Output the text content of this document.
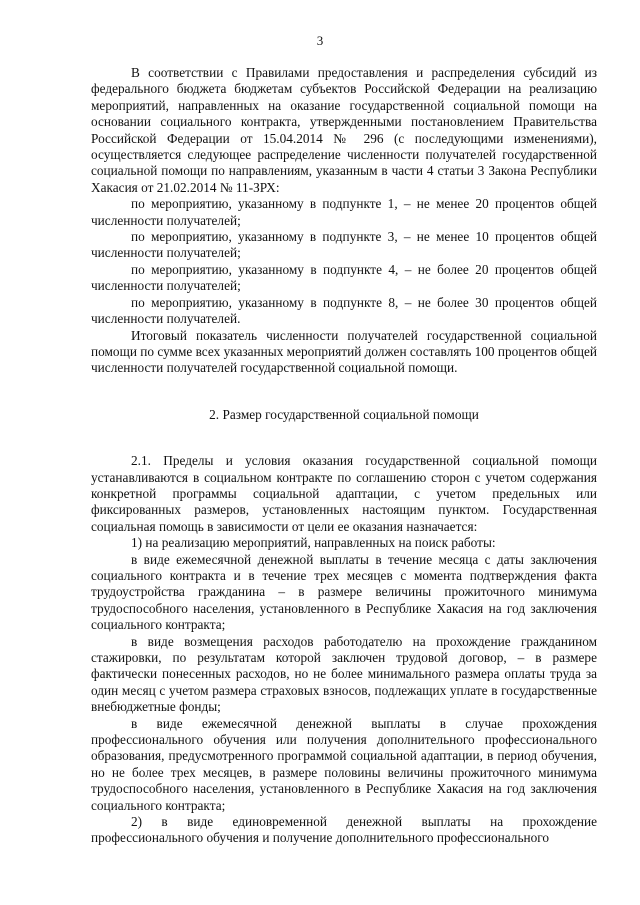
3

В соответствии с Правилами предоставления и распределения субсидий из федерального бюджета бюджетам субъектов Российской Федерации на реализацию мероприятий, направленных на оказание государственной социальной помощи на основании социального контракта, утвержденными постановлением Правительства Российской Федерации от 15.04.2014 № 296 (с последующими изменениями), осуществляется следующее распределение численности получателей государственной социальной помощи по направлениям, указанным в части 4 статьи 3 Закона Республики Хакасия от 21.02.2014 № 11-ЗРХ:

по мероприятию, указанному в подпункте 1, – не менее 20 процентов общей численности получателей;

по мероприятию, указанному в подпункте 3, – не менее 10 процентов общей численности получателей;

по мероприятию, указанному в подпункте 4, – не более 20 процентов общей численности получателей;

по мероприятию, указанному в подпункте 8, – не более 30 процентов общей численности получателей.

Итоговый показатель численности получателей государственной социальной помощи по сумме всех указанных мероприятий должен составлять 100 процентов общей численности получателей государственной социальной помощи.

2. Размер государственной социальной помощи

2.1. Пределы и условия оказания государственной социальной помощи устанавливаются в социальном контракте по соглашению сторон с учетом содержания конкретной программы социальной адаптации, с учетом предельных или фиксированных размеров, установленных настоящим пунктом. Государственная социальная помощь в зависимости от цели ее оказания назначается:

1) на реализацию мероприятий, направленных на поиск работы:

в виде ежемесячной денежной выплаты в течение месяца с даты заключения социального контракта и в течение трех месяцев с момента подтверждения факта трудоустройства гражданина – в размере величины прожиточного минимума трудоспособного населения, установленного в Республике Хакасия на год заключения социального контракта;

в виде возмещения расходов работодателю на прохождение гражданином стажировки, по результатам которой заключен трудовой договор, – в размере фактически понесенных расходов, но не более минимального размера оплаты труда за один месяц с учетом размера страховых взносов, подлежащих уплате в государственные внебюджетные фонды;

в виде ежемесячной денежной выплаты в случае прохождения профессионального обучения или получения дополнительного профессионального образования, предусмотренного программой социальной адаптации, в период обучения, но не более трех месяцев, в размере половины величины прожиточного минимума трудоспособного населения, установленного в Республике Хакасия на год заключения социального контракта;

2) в виде единовременной денежной выплаты на прохождение профессионального обучения и получение дополнительного профессионального
